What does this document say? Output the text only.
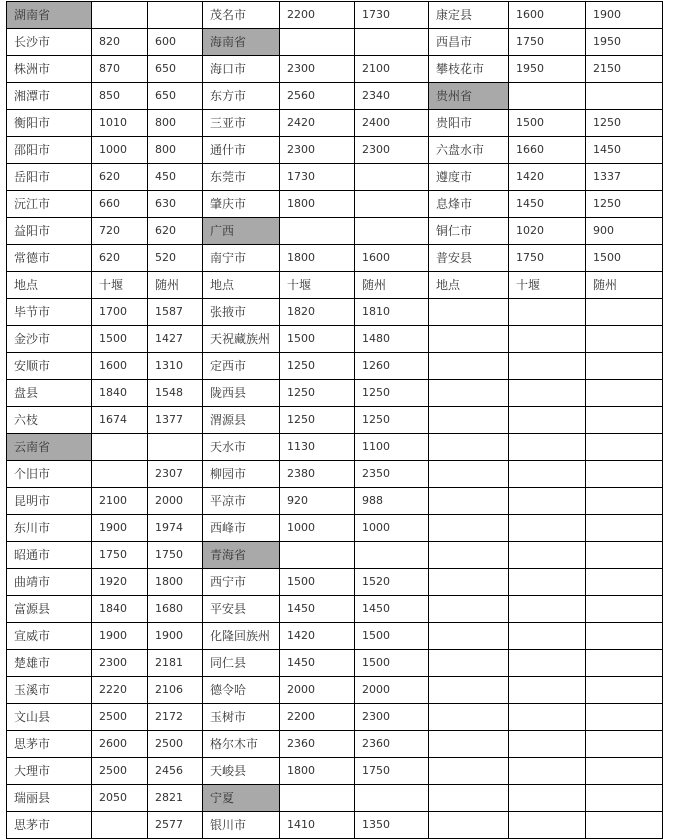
湖南省			茂名市	2200	1730	康定县	1600	1900
长沙市	820	600	海南省			西昌市	1750	1950
株洲市	870	650	海口市	2300	2100	攀枝花市	1950	2150
湘潭市	850	650	东方市	2560	2340	贵州省		
衡阳市	1010	800	三亚市	2420	2400	贵阳市	1500	1250
邵阳市	1000	800	通什市	2300	2300	六盘水市	1660	1450
岳阳市	620	450	东莞市	1730		遵度市	1420	1337
沅江市	660	630	肇庆市	1800		息烽市	1450	1250
益阳市	720	620	广西			铜仁市	1020	900
常德市	620	520	南宁市	1800	1600	普安县	1750	1500
地点	十堰	随州	地点	十堰	随州	地点	十堰	随州
毕节市	1700	1587	张掖市	1820	1810			
金沙市	1500	1427	天祝藏族州	1500	1480			
安顺市	1600	1310	定西市	1250	1260			
盘县	1840	1548	陇西县	1250	1250			
六枝	1674	1377	渭源县	1250	1250			
云南省			天水市	1130	1100			
个旧市		2307	柳园市	2380	2350			
昆明市	2100	2000	平凉市	920	988			
东川市	1900	1974	西峰市	1000	1000			
昭通市	1750	1750	青海省					
曲靖市	1920	1800	西宁市	1500	1520			
富源县	1840	1680	平安县	1450	1450			
宣威市	1900	1900	化隆回族州	1420	1500			
楚雄市	2300	2181	同仁县	1450	1500			
玉溪市	2220	2106	德令哈	2000	2000			
文山县	2500	2172	玉树市	2200	2300			
思茅市	2600	2500	格尔木市	2360	2360			
大理市	2500	2456	天峻县	1800	1750			
瑞丽县	2050	2821	宁夏					
思茅市		2577	银川市	1410	1350			
